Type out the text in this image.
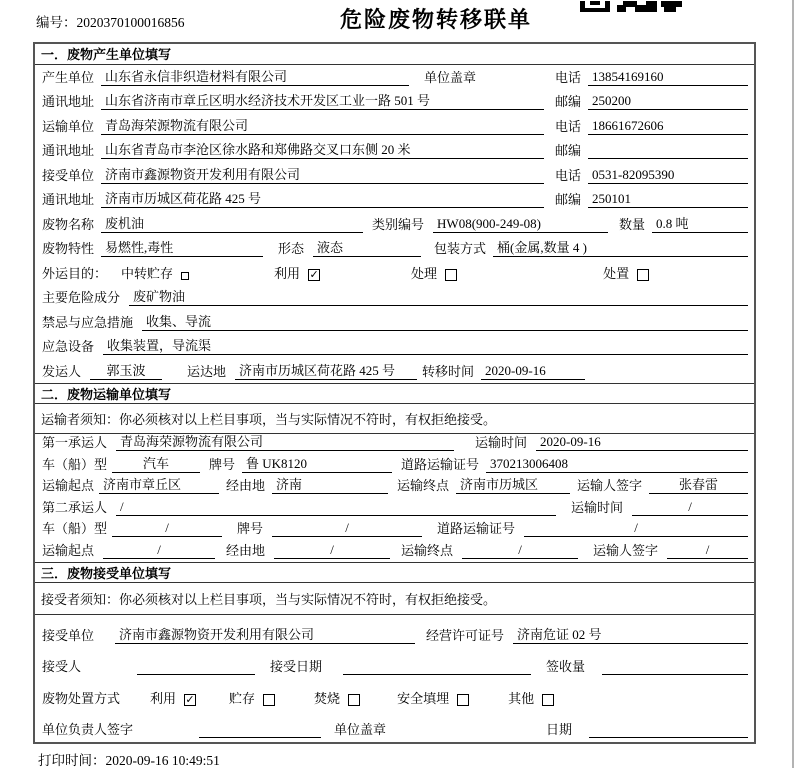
编号：2020370100016856	危险废物转移联单
一．废物产生单位填写
产生单位 山东省永信非织造材料有限公司	单位盖章	电话 13854169160
通讯地址 山东省济南市章丘区明水经济技术开发区工业一路 501 号	邮编 250200
运输单位 青岛海荣源物流有限公司	电话 18661672606
通讯地址 山东省青岛市李沧区徐水路和郑佛路交叉口东侧 20 米	邮编
接受单位 济南市鑫源物资开发利用有限公司	电话 0531-82095390
通讯地址 济南市历城区荷花路 425 号	邮编 250101
废物名称 废机油	类别编号	HW08(900-249-08)	数量 0.8 吨
废物特性 易燃性,毒性	形态	液态	包装方式 桶(金属,数量 4 )
外运目的： 中转贮存	利用 ✓	处理	处置
主要危险成分	废矿物油
禁忌与应急措施	收集、导流
应急设备	收集装置，导流渠
发运人	郭玉波	运达地	济南市历城区荷花路 425 号	转移时间 2020-09-16
二．废物运输单位填写
运输者须知：你必须核对以上栏目事项，当与实际情况不符时，有权拒绝接受。
第一承运人	青岛海荣源物流有限公司	运输时间	2020-09-16
车（船）型	汽车	牌号 鲁 UK8120	道路运输证号 370213006408
运输起点 济南市章丘区	经由地 济南	运输终点 济南市历城区	运输人签字	张春雷
第二承运人	/	运输时间	/
车（船）型	/	牌号	/	道路运输证号	/
运输起点	/	经由地	/	运输终点	/	运输人签字	/
三．废物接受单位填写
接受者须知：你必须核对以上栏目事项，当与实际情况不符时，有权拒绝接受。
接受单位	济南市鑫源物资开发利用有限公司	经营许可证号	济南危证 02 号
接受人	接受日期	签收量
废物处置方式 利用 ✓	贮存	焚烧	安全填埋	其他
单位负责人签字	单位盖章	日期
打印时间：2020-09-16 10:49:51
